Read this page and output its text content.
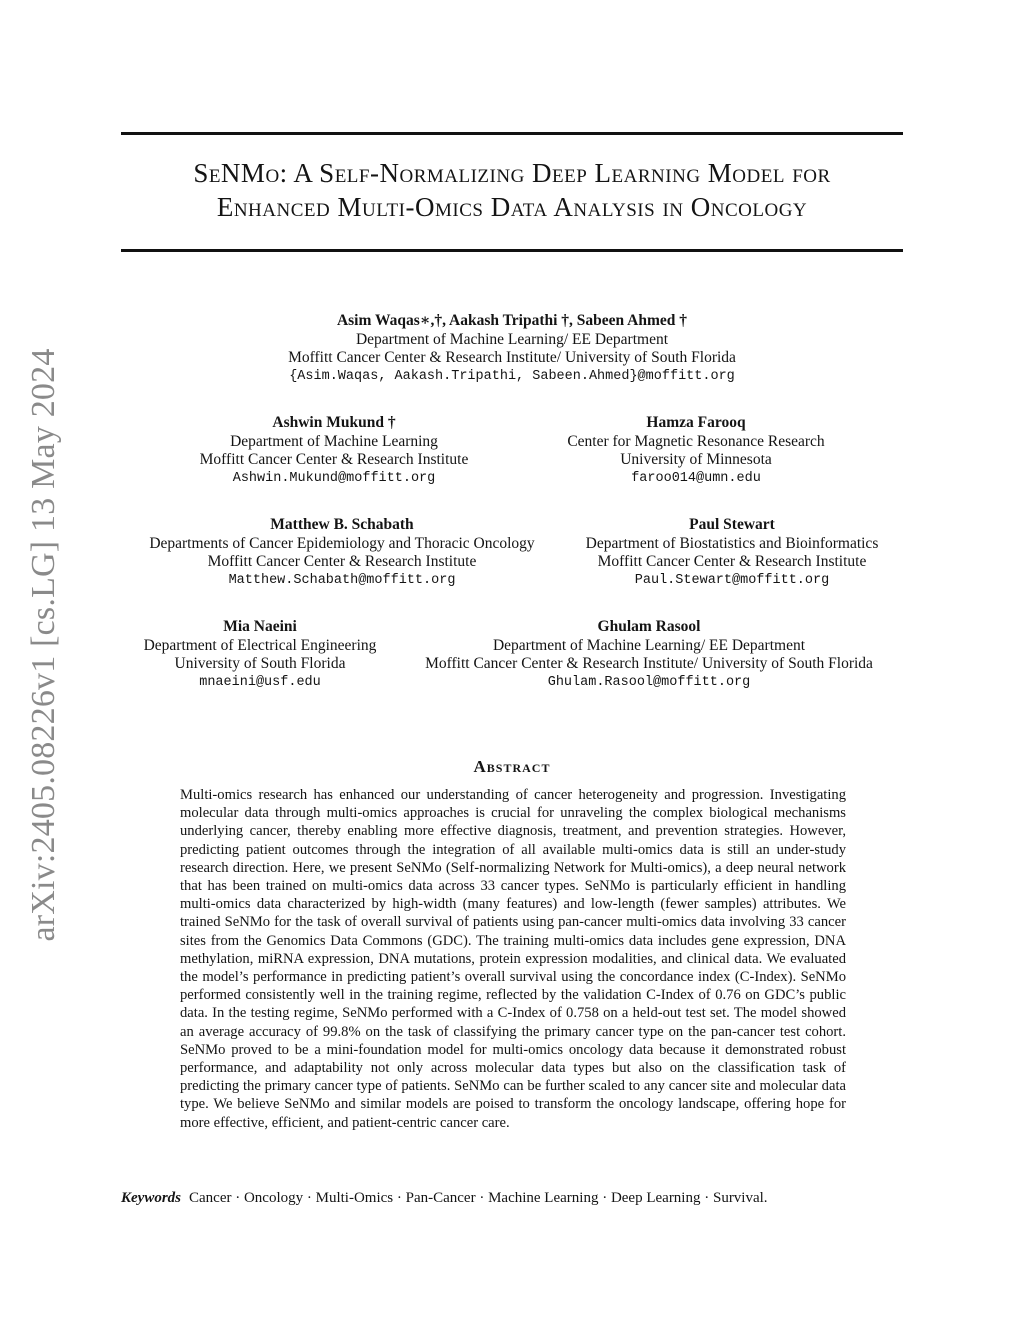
arXiv:2405.08226v1 [cs.LG] 13 May 2024
SeNMo: A Self-Normalizing Deep Learning Model for
Enhanced Multi-Omics Data Analysis in Oncology
Asim Waqas∗,†, Aakash Tripathi †, Sabeen Ahmed †
Department of Machine Learning/ EE Department
Moffitt Cancer Center & Research Institute/ University of South Florida
{Asim.Waqas, Aakash.Tripathi, Sabeen.Ahmed}@moffitt.org
Ashwin Mukund †
Department of Machine Learning
Moffitt Cancer Center & Research Institute
Ashwin.Mukund@moffitt.org
Hamza Farooq
Center for Magnetic Resonance Research
University of Minnesota
faroo014@umn.edu
Matthew B. Schabath
Departments of Cancer Epidemiology and Thoracic Oncology
Moffitt Cancer Center & Research Institute
Matthew.Schabath@moffitt.org
Paul Stewart
Department of Biostatistics and Bioinformatics
Moffitt Cancer Center & Research Institute
Paul.Stewart@moffitt.org
Mia Naeini
Department of Electrical Engineering
University of South Florida
mnaeini@usf.edu
Ghulam Rasool
Department of Machine Learning/ EE Department
Moffitt Cancer Center & Research Institute/ University of South Florida
Ghulam.Rasool@moffitt.org
Abstract
Multi-omics research has enhanced our understanding of cancer heterogeneity and progression. Investigating molecular data through multi-omics approaches is crucial for unraveling the complex biological mechanisms underlying cancer, thereby enabling more effective diagnosis, treatment, and prevention strategies. However, predicting patient outcomes through the integration of all available multi-omics data is still an under-study research direction. Here, we present SeNMo (Self-normalizing Network for Multi-omics), a deep neural network that has been trained on multi-omics data across 33 cancer types. SeNMo is particularly efficient in handling multi-omics data characterized by high-width (many features) and low-length (fewer samples) attributes. We trained SeNMo for the task of overall survival of patients using pan-cancer multi-omics data involving 33 cancer sites from the Genomics Data Commons (GDC). The training multi-omics data includes gene expression, DNA methylation, miRNA expression, DNA mutations, protein expression modalities, and clinical data. We evaluated the model’s performance in predicting patient’s overall survival using the concordance index (C-Index). SeNMo performed consistently well in the training regime, reflected by the validation C-Index of 0.76 on GDC’s public data. In the testing regime, SeNMo performed with a C-Index of 0.758 on a held-out test set. The model showed an average accuracy of 99.8% on the task of classifying the primary cancer type on the pan-cancer test cohort. SeNMo proved to be a mini-foundation model for multi-omics oncology data because it demonstrated robust performance, and adaptability not only across molecular data types but also on the classification task of predicting the primary cancer type of patients. SeNMo can be further scaled to any cancer site and molecular data type. We believe SeNMo and similar models are poised to transform the oncology landscape, offering hope for more effective, efficient, and patient-centric cancer care.
Keywords Cancer · Oncology · Multi-Omics · Pan-Cancer · Machine Learning · Deep Learning · Survival.
